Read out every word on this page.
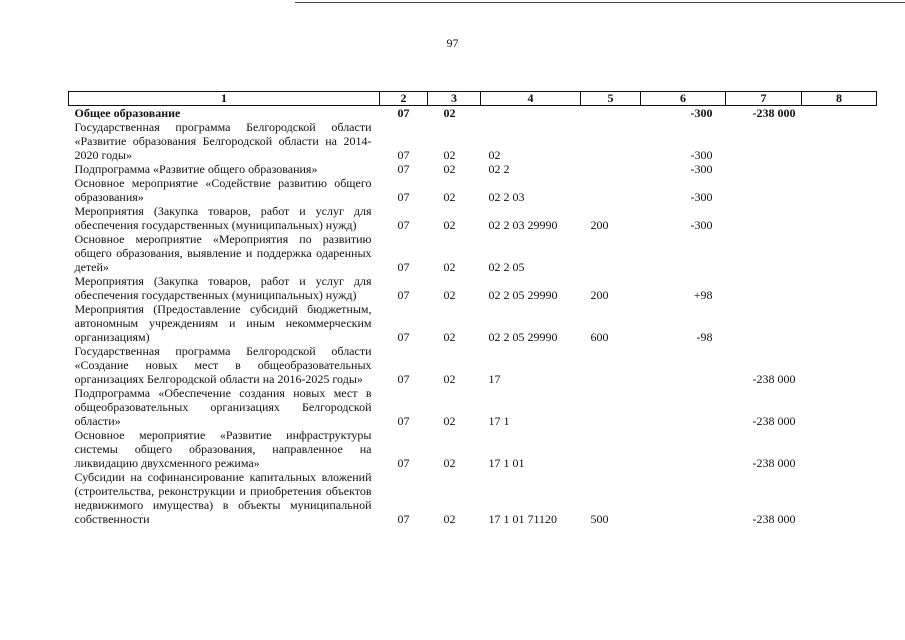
97
1	2	3	4	5	6	7	8
Общее образование	07	02			-300	-238 000	
Государственная программа Белгородской области «Развитие образования Белгородской области на 2014-2020 годы»	07	02	02		-300		
Подпрограмма «Развитие общего образования»	07	02	02 2		-300		
Основное мероприятие «Содействие развитию общего образования»	07	02	02 2 03		-300		
Мероприятия (Закупка товаров, работ и услуг для обеспечения государственных (муниципальных) нужд)	07	02	02 2 03 29990	200	-300		
Основное мероприятие «Мероприятия по развитию общего образования, выявление и поддержка одаренных детей»	07	02	02 2 05				
Мероприятия (Закупка товаров, работ и услуг для обеспечения государственных (муниципальных) нужд)	07	02	02 2 05 29990	200	+98		
Мероприятия (Предоставление субсидий бюджетным, автономным учреждениям и иным некоммерческим организациям)	07	02	02 2 05 29990	600	-98		
Государственная программа Белгородской области «Создание новых мест в общеобразовательных организациях Белгородской области на 2016-2025 годы»	07	02	17			-238 000	
Подпрограмма «Обеспечение создания новых мест в общеобразовательных организациях Белгородской области»	07	02	17 1			-238 000	
Основное мероприятие «Развитие инфраструктуры системы общего образования, направленное на ликвидацию двухсменного режима»	07	02	17 1 01			-238 000	
Субсидии на софинансирование капитальных вложений (строительства, реконструкции и приобретения объектов недвижимого имущества) в объекты муниципальной собственности	07	02	17 1 01 71120	500		-238 000	
